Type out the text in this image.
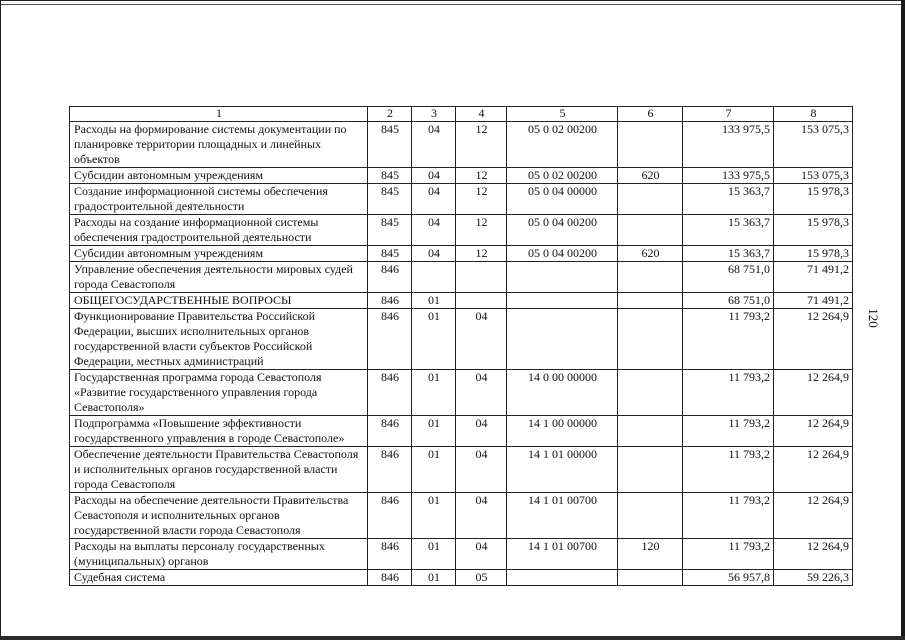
120
1	2	3	4	5	6	7	8
Расходы на формирование системы документации по планировке территории площадных и линейных объектов	845	04	12	05 0 02 00200		133 975,5	153 075,3
Субсидии автономным учреждениям	845	04	12	05 0 02 00200	620	133 975,5	153 075,3
Создание информационной системы обеспечения градостроительной деятельности	845	04	12	05 0 04 00000		15 363,7	15 978,3
Расходы на создание информационной системы обеспечения градостроительной деятельности	845	04	12	05 0 04 00200		15 363,7	15 978,3
Субсидии автономным учреждениям	845	04	12	05 0 04 00200	620	15 363,7	15 978,3
Управление обеспечения деятельности мировых судей города Севастополя	846					68 751,0	71 491,2
ОБЩЕГОСУДАРСТВЕННЫЕ ВОПРОСЫ	846	01				68 751,0	71 491,2
Функционирование Правительства Российской Федерации, высших исполнительных органов государственной власти субъектов Российской Федерации, местных администраций	846	01	04			11 793,2	12 264,9
Государственная программа города Севастополя «Развитие государственного управления города Севастополя»	846	01	04	14 0 00 00000		11 793,2	12 264,9
Подпрограмма «Повышение эффективности государственного управления в городе Севастополе»	846	01	04	14 1 00 00000		11 793,2	12 264,9
Обеспечение деятельности Правительства Севастополя и исполнительных органов государственной власти города Севастополя	846	01	04	14 1 01 00000		11 793,2	12 264,9
Расходы на обеспечение деятельности Правительства Севастополя и исполнительных органов государственной власти города Севастополя	846	01	04	14 1 01 00700		11 793,2	12 264,9
Расходы на выплаты персоналу государственных (муниципальных) органов	846	01	04	14 1 01 00700	120	11 793,2	12 264,9
Судебная система	846	01	05			56 957,8	59 226,3
